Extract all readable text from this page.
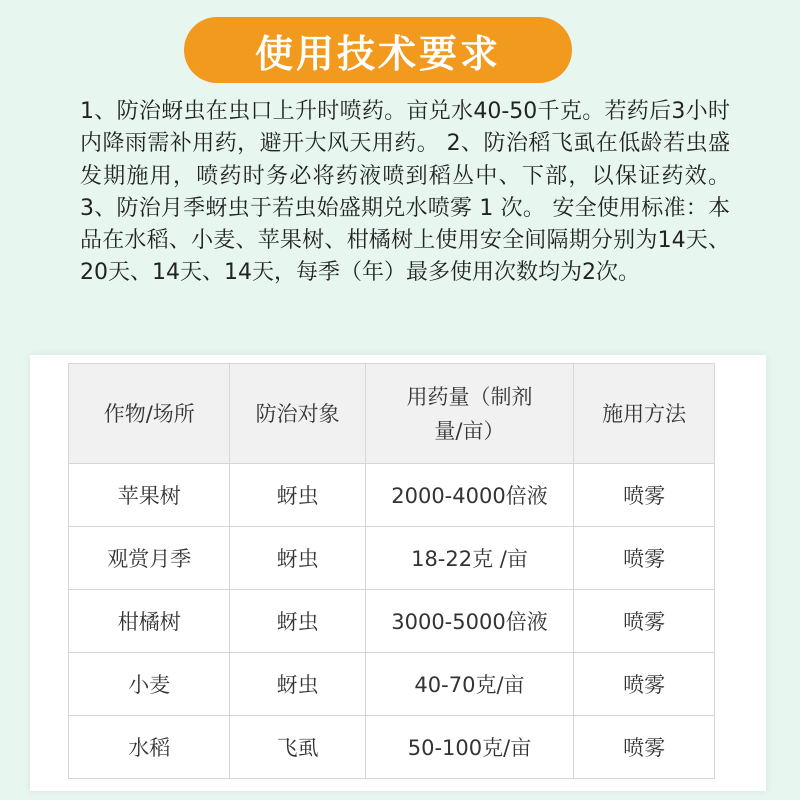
使用技术要求

1、防治蚜虫在虫口上升时喷药。亩兑水40-50千克。若药后3小时内降雨需补用药，避开大风天用药。 2、防治稻飞虱在低龄若虫盛发期施用，喷药时务必将药液喷到稻丛中、下部，以保证药效。3、防治月季蚜虫于若虫始盛期兑水喷雾 1 次。 安全使用标准：本品在水稻、小麦、苹果树、柑橘树上使用安全间隔期分别为14天、20天、14天、14天，每季（年）最多使用次数均为2次。

作物/场所	防治对象	用药量（制剂量/亩）	施用方法
苹果树	蚜虫	2000-4000倍液	喷雾
观赏月季	蚜虫	18-22克 /亩	喷雾
柑橘树	蚜虫	3000-5000倍液	喷雾
小麦	蚜虫	40-70克/亩	喷雾
水稻	飞虱	50-100克/亩	喷雾
